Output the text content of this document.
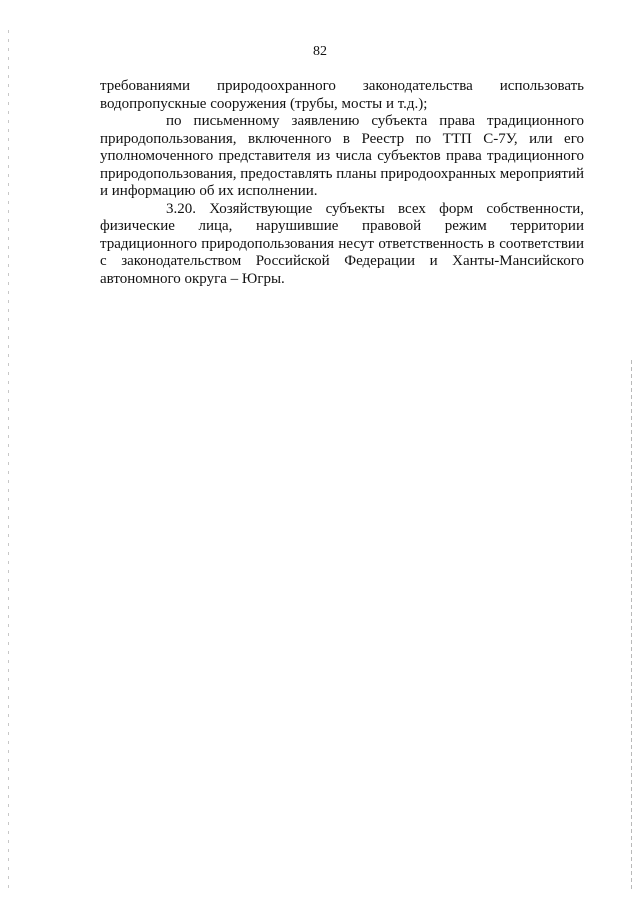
82
требованиями природоохранного законодательства использовать
водопропускные сооружения (трубы, мосты и т.д.);
по письменному заявлению субъекта права традиционного
природопользования, включенного в Реестр по ТТП С-7У, или его
уполномоченного представителя из числа субъектов права традиционного
природопользования, предоставлять планы природоохранных мероприятий
и информацию об их исполнении.
3.20. Хозяйствующие субъекты всех форм собственности,
физические лица, нарушившие правовой режим территории
традиционного природопользования несут ответственность в соответствии
с законодательством Российской Федерации и Ханты-Мансийского
автономного округа – Югры.
